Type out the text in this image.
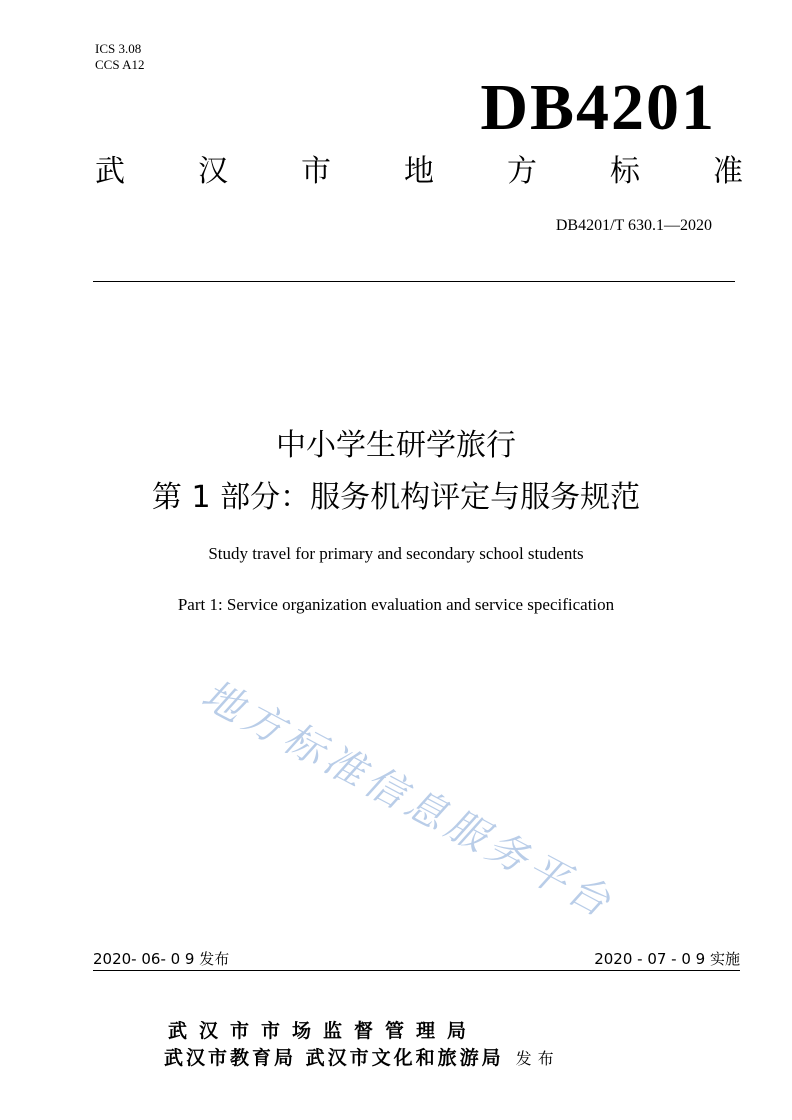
ICS 3.08
CCS A12
DB4201
武 汉 市 地 方 标 准
DB4201/T 630.1—2020
中小学生研学旅行
第 1 部分：服务机构评定与服务规范
Study travel for primary and secondary school students
Part 1: Service organization evaluation and service specification
地方标准信息服务平台
2020- 06- 0 9 发布	2020 - 07 - 0 9 实施
武汉市市场监督管理局
武汉市教育局 武汉市文化和旅游局 发布
